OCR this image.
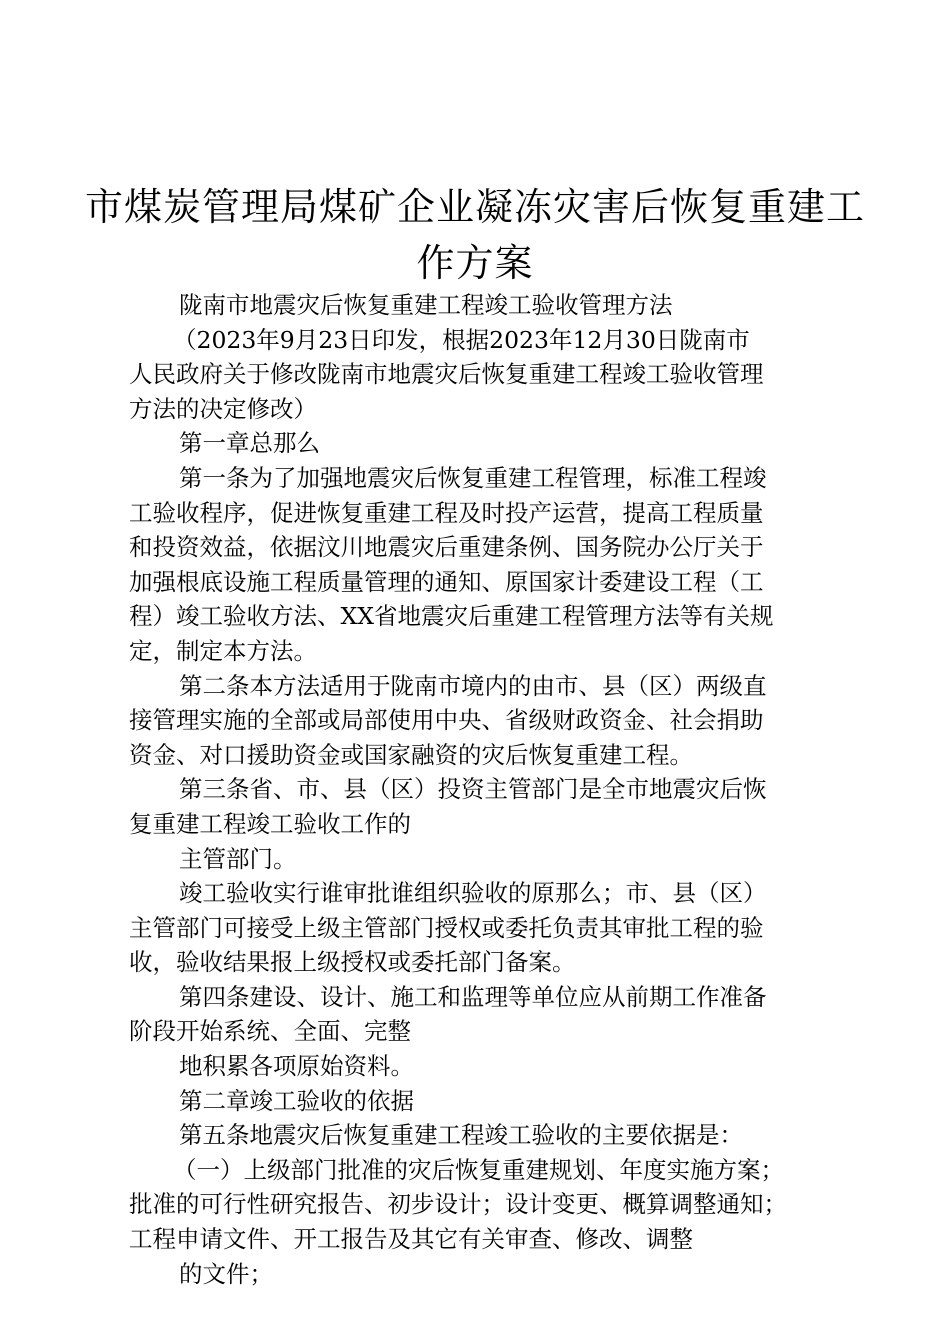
市煤炭管理局煤矿企业凝冻灾害后恢复重建工
作方案
陇南市地震灾后恢复重建工程竣工验收管理方法
（2023年9月23日印发，根据2023年12月30日陇南市
人民政府关于修改陇南市地震灾后恢复重建工程竣工验收管理
方法的决定修改）
第一章总那么
第一条为了加强地震灾后恢复重建工程管理，标准工程竣
工验收程序，促进恢复重建工程及时投产运营，提高工程质量
和投资效益，依据汶川地震灾后重建条例、国务院办公厅关于
加强根底设施工程质量管理的通知、原国家计委建设工程（工
程）竣工验收方法、XX省地震灾后重建工程管理方法等有关规
定，制定本方法。
第二条本方法适用于陇南市境内的由市、县（区）两级直
接管理实施的全部或局部使用中央、省级财政资金、社会捐助
资金、对口援助资金或国家融资的灾后恢复重建工程。
第三条省、市、县（区）投资主管部门是全市地震灾后恢
复重建工程竣工验收工作的
主管部门。
竣工验收实行谁审批谁组织验收的原那么；市、县（区）
主管部门可接受上级主管部门授权或委托负责其审批工程的验
收，验收结果报上级授权或委托部门备案。
第四条建设、设计、施工和监理等单位应从前期工作准备
阶段开始系统、全面、完整
地积累各项原始资料。
第二章竣工验收的依据
第五条地震灾后恢复重建工程竣工验收的主要依据是：
（一）上级部门批准的灾后恢复重建规划、年度实施方案；
批准的可行性研究报告、初步设计；设计变更、概算调整通知；
工程申请文件、开工报告及其它有关审查、修改、调整
的文件；
